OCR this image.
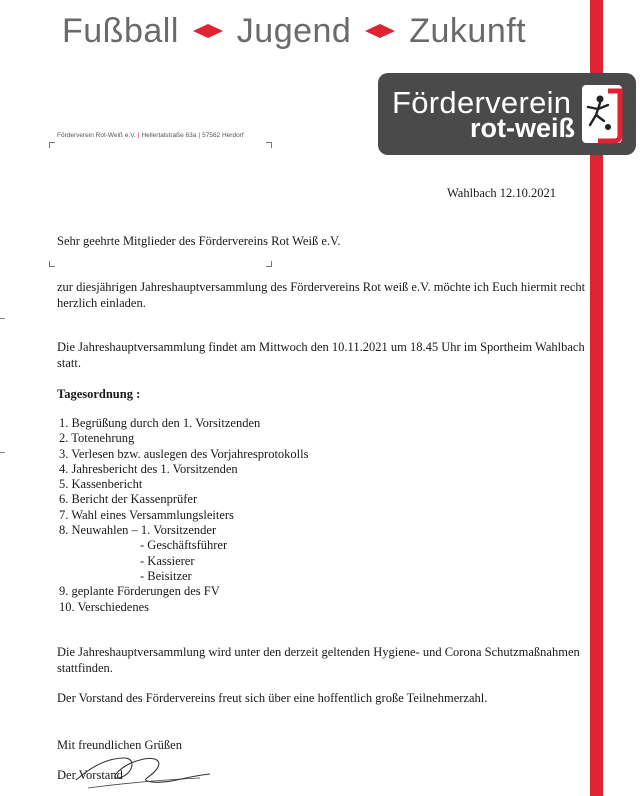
Fußball Jugend Zukunft
Förderverein
rot-weiß
Förderverein Rot-Weiß e.V. | Hellertalstraße 63a | 57562 Herdorf
Wahlbach 12.10.2021
Sehr geehrte Mitglieder des Fördervereins Rot Weiß e.V.
zur diesjährigen Jahreshauptversammlung des Fördervereins Rot weiß e.V. möchte ich Euch hiermit recht herzlich einladen.
Die Jahreshauptversammlung findet am Mittwoch den 10.11.2021 um 18.45 Uhr im Sportheim Wahlbach statt.
Tagesordnung :
1. Begrüßung durch den 1. Vorsitzenden
2. Totenehrung
3. Verlesen bzw. auslegen des Vorjahresprotokolls
4. Jahresbericht des 1. Vorsitzenden
5. Kassenbericht
6. Bericht der Kassenprüfer
7. Wahl eines Versammlungsleiters
8. Neuwahlen – 1. Vorsitzender
- Geschäftsführer
- Kassierer
- Beisitzer
9. geplante Förderungen des FV
10. Verschiedenes
Die Jahreshauptversammlung wird unter den derzeit geltenden Hygiene- und Corona Schutzmaßnahmen stattfinden.
Der Vorstand des Fördervereins freut sich über eine hoffentlich große Teilnehmerzahl.
Mit freundlichen Grüßen
Der Vorstand
